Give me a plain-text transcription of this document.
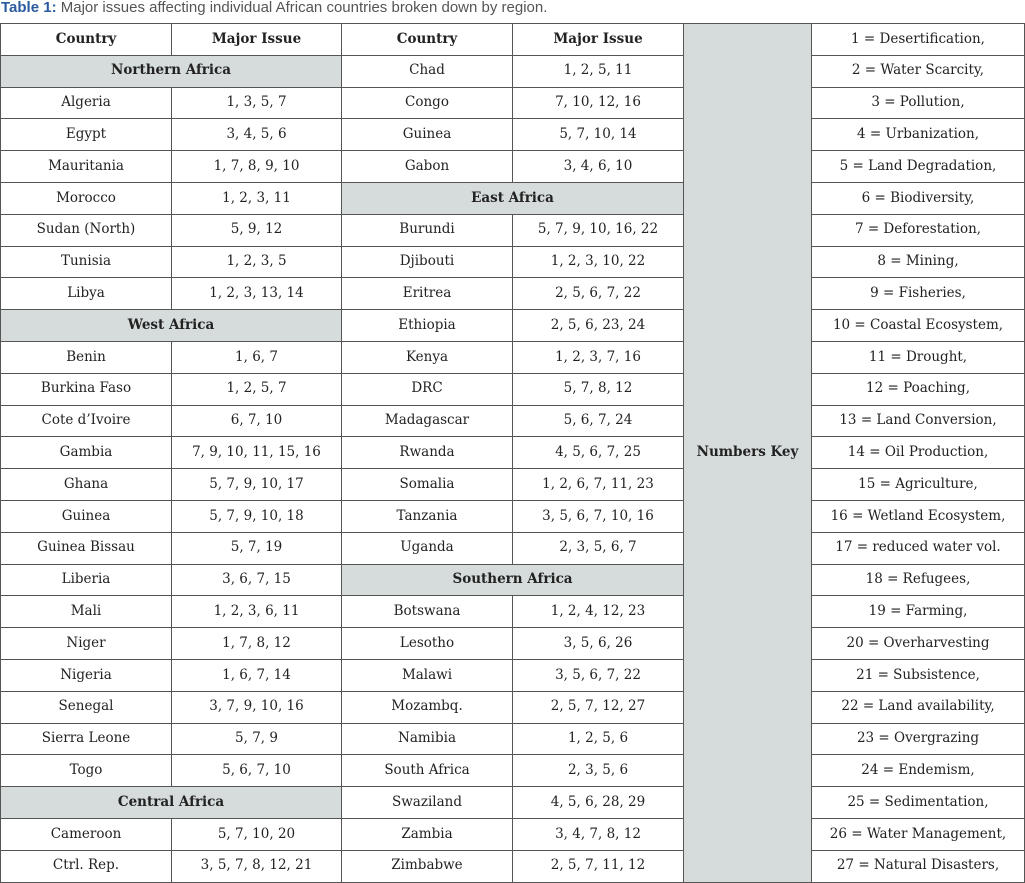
Table 1: Major issues affecting individual African countries broken down by region.
Country	Major Issue	Country	Major Issue	Numbers Key	1 = Desertification,
Northern Africa		Chad	1, 2, 5, 11		2 = Water Scarcity,
Algeria	1, 3, 5, 7	Congo	7, 10, 12, 16		3 = Pollution,
Egypt	3, 4, 5, 6	Guinea	5, 7, 10, 14		4 = Urbanization,
Mauritania	1, 7, 8, 9, 10	Gabon	3, 4, 6, 10		5 = Land Degradation,
Morocco	1, 2, 3, 11	East Africa			6 = Biodiversity,
Sudan (North)	5, 9, 12	Burundi	5, 7, 9, 10, 16, 22		7 = Deforestation,
Tunisia	1, 2, 3, 5	Djibouti	1, 2, 3, 10, 22		8 = Mining,
Libya	1, 2, 3, 13, 14	Eritrea	2, 5, 6, 7, 22		9 = Fisheries,
West Africa		Ethiopia	2, 5, 6, 23, 24		10 = Coastal Ecosystem,
Benin	1, 6, 7	Kenya	1, 2, 3, 7, 16		11 = Drought,
Burkina Faso	1, 2, 5, 7	DRC	5, 7, 8, 12		12 = Poaching,
Cote d’Ivoire	6, 7, 10	Madagascar	5, 6, 7, 24		13 = Land Conversion,
Gambia	7, 9, 10, 11, 15, 16	Rwanda	4, 5, 6, 7, 25		14 = Oil Production,
Ghana	5, 7, 9, 10, 17	Somalia	1, 2, 6, 7, 11, 23		15 = Agriculture,
Guinea	5, 7, 9, 10, 18	Tanzania	3, 5, 6, 7, 10, 16		16 = Wetland Ecosystem,
Guinea Bissau	5, 7, 19	Uganda	2, 3, 5, 6, 7		17 = reduced water vol.
Liberia	3, 6, 7, 15	Southern Africa			18 = Refugees,
Mali	1, 2, 3, 6, 11	Botswana	1, 2, 4, 12, 23		19 = Farming,
Niger	1, 7, 8, 12	Lesotho	3, 5, 6, 26		20 = Overharvesting
Nigeria	1, 6, 7, 14	Malawi	3, 5, 6, 7, 22		21 = Subsistence,
Senegal	3, 7, 9, 10, 16	Mozambq.	2, 5, 7, 12, 27		22 = Land availability,
Sierra Leone	5, 7, 9	Namibia	1, 2, 5, 6		23 = Overgrazing
Togo	5, 6, 7, 10	South Africa	2, 3, 5, 6		24 = Endemism,
Central Africa		Swaziland	4, 5, 6, 28, 29		25 = Sedimentation,
Cameroon	5, 7, 10, 20	Zambia	3, 4, 7, 8, 12		26 = Water Management,
Ctrl. Rep.	3, 5, 7, 8, 12, 21	Zimbabwe	2, 5, 7, 11, 12		27 = Natural Disasters,
